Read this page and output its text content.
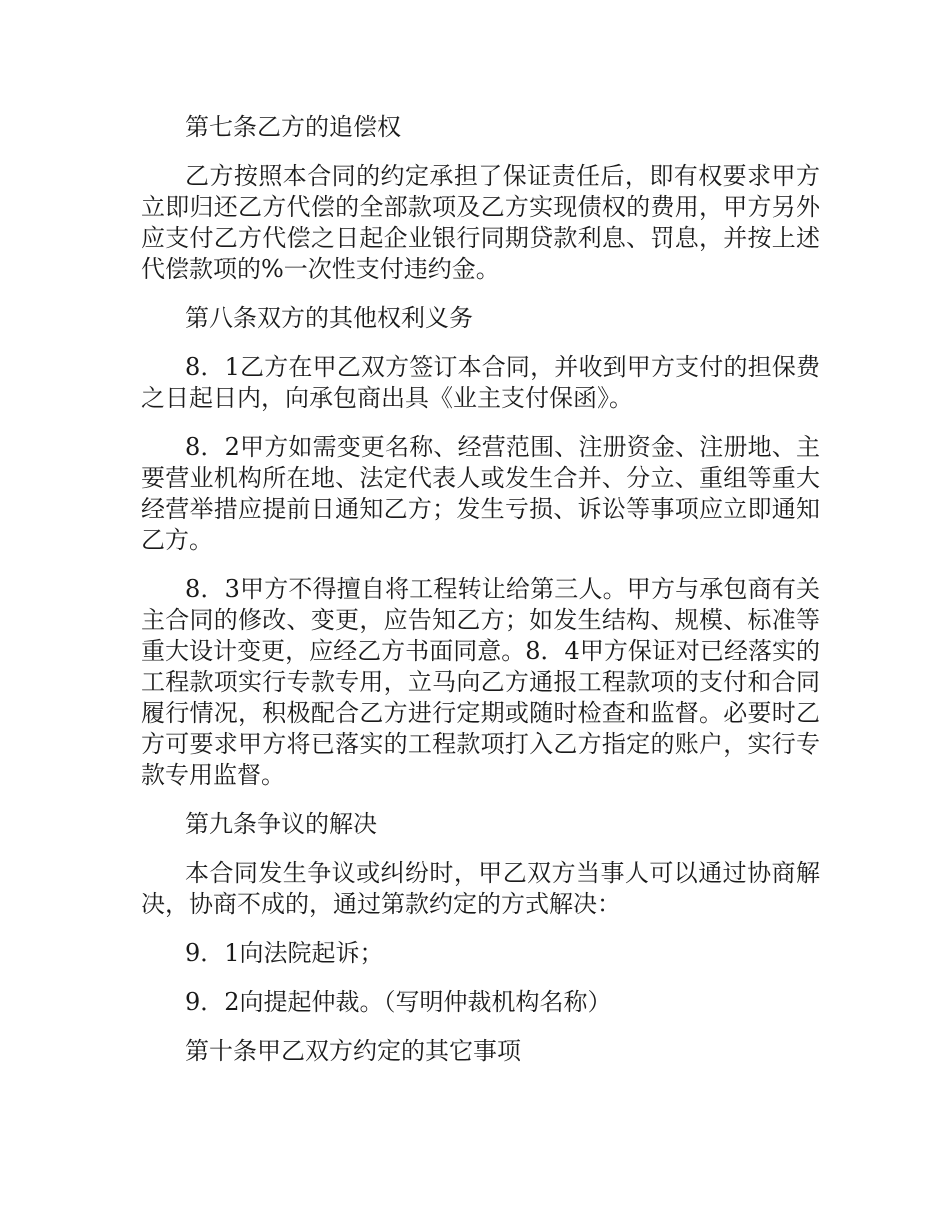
第七条乙方的追偿权

乙方按照本合同的约定承担了保证责任后，即有权要求甲方立即归还乙方代偿的全部款项及乙方实现债权的费用，甲方另外应支付乙方代偿之日起企业银行同期贷款利息、罚息，并按上述代偿款项的%一次性支付违约金。

第八条双方的其他权利义务

8．1乙方在甲乙双方签订本合同，并收到甲方支付的担保费之日起日内，向承包商出具《业主支付保函》。

8．2甲方如需变更名称、经营范围、注册资金、注册地、主要营业机构所在地、法定代表人或发生合并、分立、重组等重大经营举措应提前日通知乙方；发生亏损、诉讼等事项应立即通知乙方。

8．3甲方不得擅自将工程转让给第三人。甲方与承包商有关主合同的修改、变更，应告知乙方；如发生结构、规模、标准等重大设计变更，应经乙方书面同意。8．4甲方保证对已经落实的工程款项实行专款专用，立马向乙方通报工程款项的支付和合同履行情况，积极配合乙方进行定期或随时检查和监督。必要时乙方可要求甲方将已落实的工程款项打入乙方指定的账户，实行专款专用监督。

第九条争议的解决

本合同发生争议或纠纷时，甲乙双方当事人可以通过协商解决，协商不成的，通过第款约定的方式解决：

9．1向法院起诉；

9．2向提起仲裁。（写明仲裁机构名称）

第十条甲乙双方约定的其它事项
